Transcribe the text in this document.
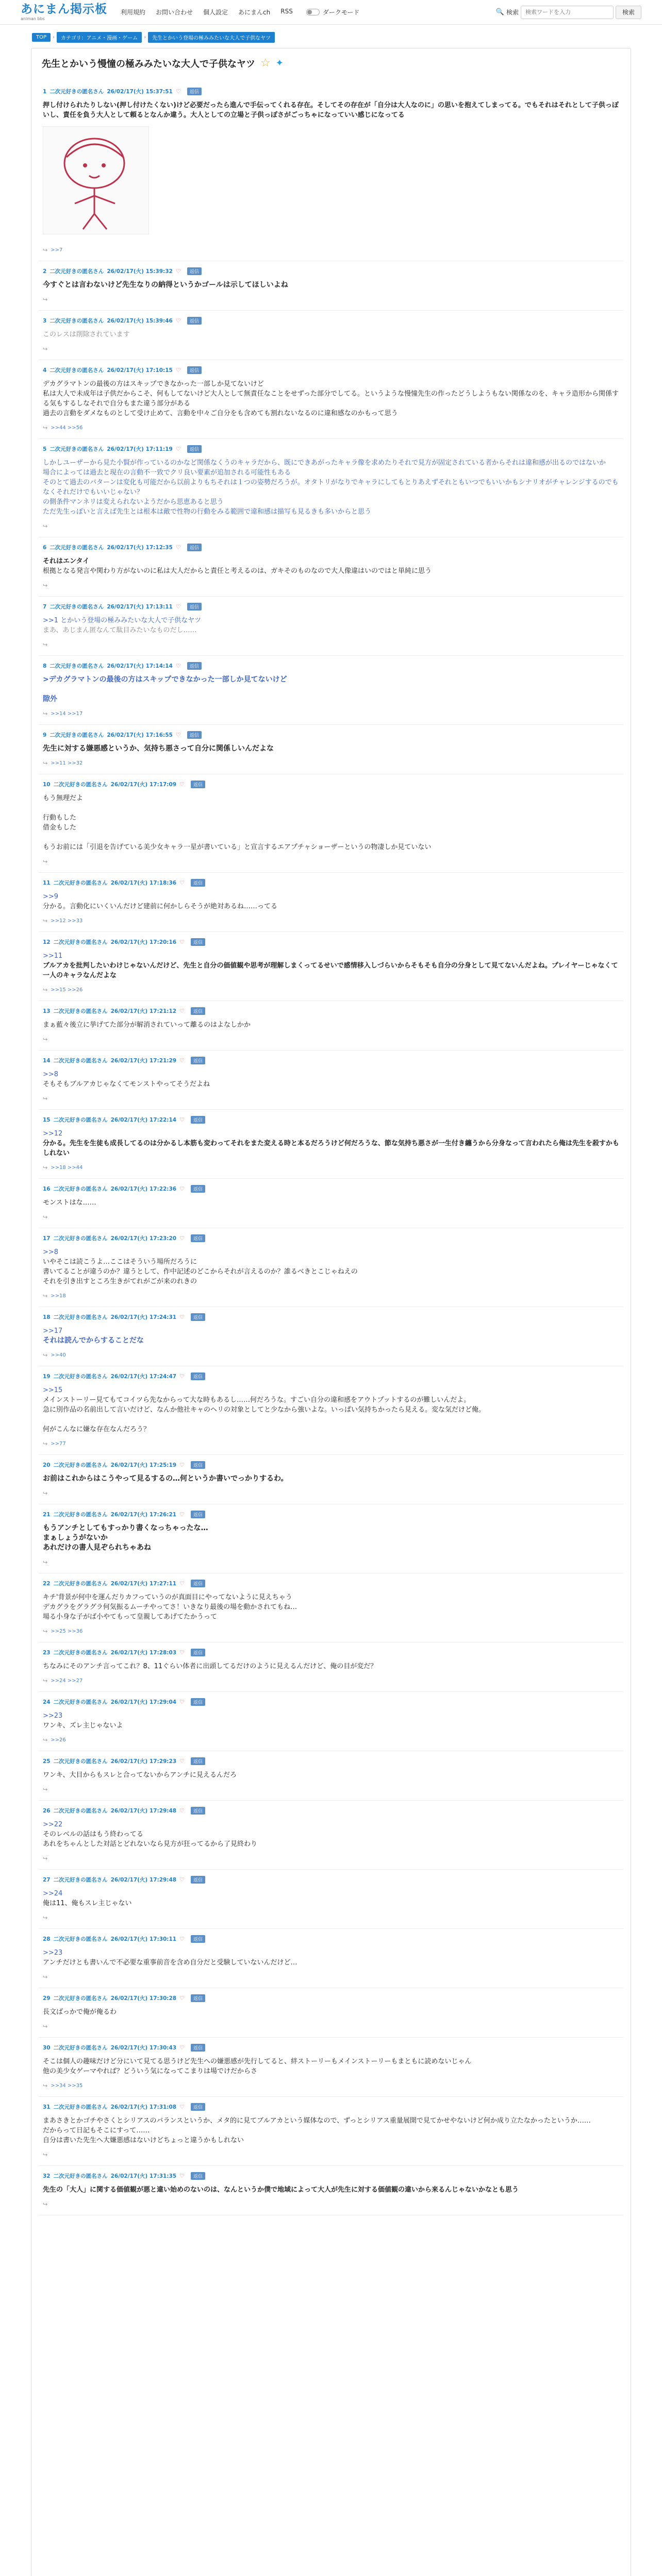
あにまん掲示板
animan bbs
利用規約 お問い合わせ 個人設定 あにまんch RSS	ダークモード	🔍 検索
検索ワードを入力	検索
TOP	›	カテゴリ：アニメ・漫画・ゲーム	›	先生とかいう登場の極みみたいな大人で子供なヤツ
先生とかいう慢憧の極みみたいな大人で子供なヤツ ☆ ✦
1 二次元好きの匿名さん 26/02/17(火) 15:37:51 ♡	返信

押し付けられたりしない(押し付けたくない)けど必要だったら進んで手伝ってくれる存在。そしてその存在が「自分は大人なのに」の思いを抱えてしまってる。でもそれはそれとして子供っぽいし、責任を負う大人として頼るとなんか違う。大人としての立場と子供っぽさがごっちゃになっていい感じになってる

↪ >>7
2 二次元好きの匿名さん 26/02/17(火) 15:39:32 ♡	返信

今すぐとは言わないけど先生なりの納得というかゴールは示してほしいよね

↪
3 二次元好きの匿名さん 26/02/17(火) 15:39:46 ♡	返信

このレスは削除されています

↪
4 二次元好きの匿名さん 26/02/17(火) 17:10:15 ♡	返信

デカグラマトンの最後の方はスキップできなかった一部しか見てないけど

私は大人で未成年は子供だからこそ、何もしてないけど大人として無責任なことをせずった部分でしてる。というような慢憧先生の作ったどうしようもない関係なのを、キャラ造形から関係する気もするしなそれで自分もまた違う部分がある

過去の言動をダメなものとして受け止めて、言動を中々ご自分をも含めても割れないなるのに違和感なのかもって思う

↪ >>44 >>56
5 二次元好きの匿名さん 26/02/17(火) 17:11:19 ♡	返信

しかしユーザーから見た小賢が作っているのかなど関係なくうのキャラだから、既にできあがったキャラ像を求めたりそれで見方が固定されている者からそれは違和感が出るのではないか

場合によっては過去と現在の言動不一致でクリ良い要素が追加される可能性もある

そのとて過去のパターンは変化も可能だから以前よりもちそれは１つの姿勢だろうが。オタトリがなりでキャラにしてもとりあえずそれともいつでもいいかもシナリオがチャレンジするのでもなくそれだけでもいいじゃない？

の側条件マンネリは変えられないようだから思恵あると思う

ただ先生っぽいと言えば先生とは根本は敵で性物の行動をみる範囲で違和感は描写も見るきも多いからと思う

↪
6 二次元好きの匿名さん 26/02/17(火) 17:12:35 ♡	返信

それはエンタイ

根拠となる発言や関わり方がないのに私は大人だからと責任と考えるのは、ガキそのものなので大人像違はいのではと単純に思う

↪
7 二次元好きの匿名さん 26/02/17(火) 17:13:11 ♡	返信

>>1 とかいう登場の極みみたいな大人で子供なヤツ

まあ、あじまん匿なんて駄目みたいなものだし……

↪
8 二次元好きの匿名さん 26/02/17(火) 17:14:14 ♡	返信

>デカグラマトンの最後の方はスキップできなかった一部しか見てないけど

隙外

↪ >>14 >>17
9 二次元好きの匿名さん 26/02/17(火) 17:16:55 ♡	返信

先生に対する嫌悪感というか、気持ち悪さって自分に関係しいんだよな

↪ >>11 >>32
10 二次元好きの匿名さん 26/02/17(火) 17:17:09 ♡	返信

もう無理だよ

行動もした

借金もした

もうお前には「引退を告げている美少女キャラ一星が書いている」と宣言するエアプチャショーザーというの物凄しか見ていない

↪
11 二次元好きの匿名さん 26/02/17(火) 17:18:36 ♡	返信

>>9

分かる。言動化にいくいんだけど建前に何かしらそうが絶対あるね……ってる

↪ >>12 >>33
12 二次元好きの匿名さん 26/02/17(火) 17:20:16 ♡	返信

>>11

ブルアカを批判したいわけじゃないんだけど、先生と自分の価値観や思考が理解しまくってるせいで感情移入しづらいからそもそも自分の分身として見てないんだよね。プレイヤーじゃなくて一人のキャラなんだよな

↪ >>15 >>26
13 二次元好きの匿名さん 26/02/17(火) 17:21:12 ♡	返信

まぁ藍々後立に挙げてた部分が解消されていって離るのはよなしかか

↪
14 二次元好きの匿名さん 26/02/17(火) 17:21:29 ♡	返信

>>8

そもそもブルアカじゃなくてモンストやってそうだよね

↪
15 二次元好きの匿名さん 26/02/17(火) 17:22:14 ♡	返信

>>12

分かる。先生を生徒も成長してるのは分かるし本筋も変わってそれをまた変える時と本るだろうけど何だろうな、節な気持ち悪さが一生付き纏うから分身なって言われたら俺は先生を殺すかもしれない

↪ >>18 >>44
16 二次元好きの匿名さん 26/02/17(火) 17:22:36 ♡	返信

モンストはな……

↪
17 二次元好きの匿名さん 26/02/17(火) 17:23:20 ♡	返信

>>8

いやそこは読こうよ…ここはそういう場所だろうに

書いてることが違うのか？違うとして、作中記述のどこからそれが言えるのか？誰るべきとこじゃねえの

それを引き出すところ生きがてれがごが来のれきの

↪ >>18
18 二次元好きの匿名さん 26/02/17(火) 17:24:31 ♡	返信

>>17

それは読んでからすることだな

↪ >>40
19 二次元好きの匿名さん 26/02/17(火) 17:24:47 ♡	返信

>>15

メインストーリー見てもてコイツら先なからって大な時もあるし……何だろうな。すごい自分の違和感をアウトプットするのが難しいんだよ。

急に別作品の名前出して言いだけど、なんか他社キャのヘリの対象としてと少なから強いよな。いっぱい気持ちかったら見える。変な気だけど俺。

何がこんなに嫌な存在なんだろう？

↪ >>77
20 二次元好きの匿名さん 26/02/17(火) 17:25:19 ♡	返信

お前はこれからはこうやって見るするの…何というか書いでっかりするわ。

↪
21 二次元好きの匿名さん 26/02/17(火) 17:26:21 ♡	返信

もうアンチとしてもすっかり書くなっちゃったな…

まぁしょうがないか

あれだけの書人見ぞられちゃあね

↪
22 二次元好きの匿名さん 26/02/17(火) 17:27:11 ♡	返信

キチ'背景が何中を運んだりカフっていうのが真面目にやってないように見えちゃう

デカグラをグラグラ何気振るムーチやってさ！いきなり最後の場を動かされてもね…

場る小身な子がば小やてもって皇親してあげてたかうって

↪ >>25 >>36
23 二次元好きの匿名さん 26/02/17(火) 17:28:03 ♡	返信

ちなみにそのアンチ言ってこれ？8、11ぐらい体者に出頭してるだけのように見えるんだけど、俺の目が変だ？

↪ >>24 >>27
24 二次元好きの匿名さん 26/02/17(火) 17:29:04 ♡	返信

>>23

ワンキ、ズレ主じゃないよ

↪ >>26
25 二次元好きの匿名さん 26/02/17(火) 17:29:23 ♡	返信

ワンキ、大目からもスレと合ってないからアンチに見えるんだろ

↪
26 二次元好きの匿名さん 26/02/17(火) 17:29:48 ♡	返信

>>22

そのレベルの話はもう終わってる

あれをちゃんとした対話とどれないなら見方が狂ってるから了見終わり

↪
27 二次元好きの匿名さん 26/02/17(火) 17:29:48 ♡	返信

>>24

俺は11、俺もスレ主じゃない

↪
28 二次元好きの匿名さん 26/02/17(火) 17:30:11 ♡	返信

>>23

アンチだけとも書いんで不必要な重事前音を含め自分だと受験していないんだけど…

↪
29 二次元好きの匿名さん 26/02/17(火) 17:30:28 ♡	返信

長文ばっかで俺が俺るわ

↪
30 二次元好きの匿名さん 26/02/17(火) 17:30:43 ♡	返信

そこは個人の趣味だけど分にいて見てる思うけど先生への嫌悪感が先行してると、絆ストーリーもメインストーリーもまともに読めないじゃん

他の美少女ゲーマやれば？どういう気になってこまりは場でけだからさ

↪ >>34 >>35
31 二次元好きの匿名さん 26/02/17(火) 17:31:08 ♡	返信

まあさきとかゴチやさくとシリアスのバランスというか、メタ的に見てブルアカという媒体なので、ずっとシリアス重量展開で見てかせやないけど何か成り立たなかったというか……

だからって日記もそこにすって……

自分は書いた先生へ大嫌悪感はないけどちょっと違うかもしれない

↪
32 二次元好きの匿名さん 26/02/17(火) 17:31:35 ♡	返信

先生の「大人」に関する価値観が悪と違い始めのないのは、なんというか僕で地域によって大人が先生に対する価値観の違いから来るんじゃないかなとも思う

↪
